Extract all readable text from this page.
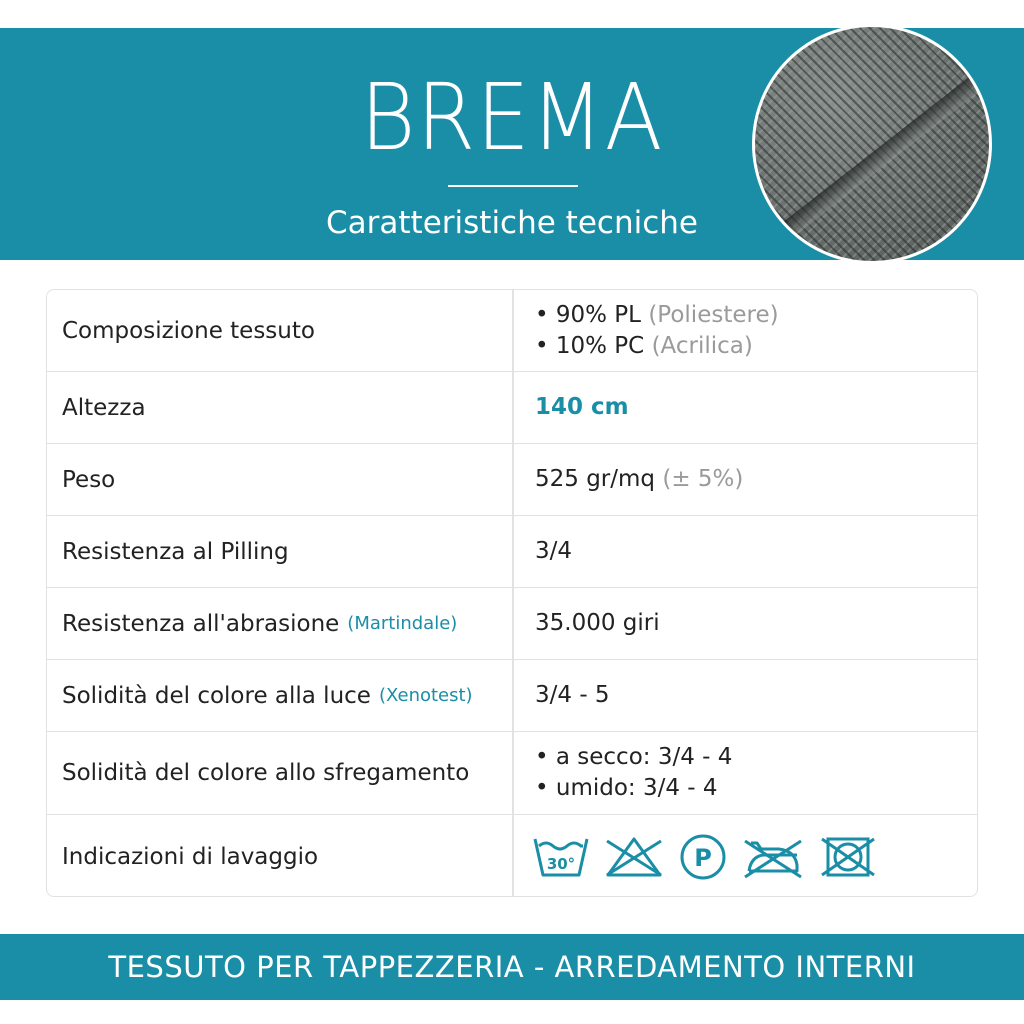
BREMA
Caratteristiche tecniche
Composizione tessuto
• 90% PL (Poliestere)
• 10% PC (Acrilica)
Altezza	140 cm
Peso	525 gr/mq (± 5%)
Resistenza al Pilling	3/4
Resistenza all'abrasione (Martindale)	35.000 giri
Solidità del colore alla luce (Xenotest)	3/4 - 5
Solidità del colore allo sfregamento
• a secco: 3/4 - 4
• umido: 3/4 - 4
Indicazioni di lavaggio	30°	P
TESSUTO PER TAPPEZZERIA - ARREDAMENTO INTERNI
